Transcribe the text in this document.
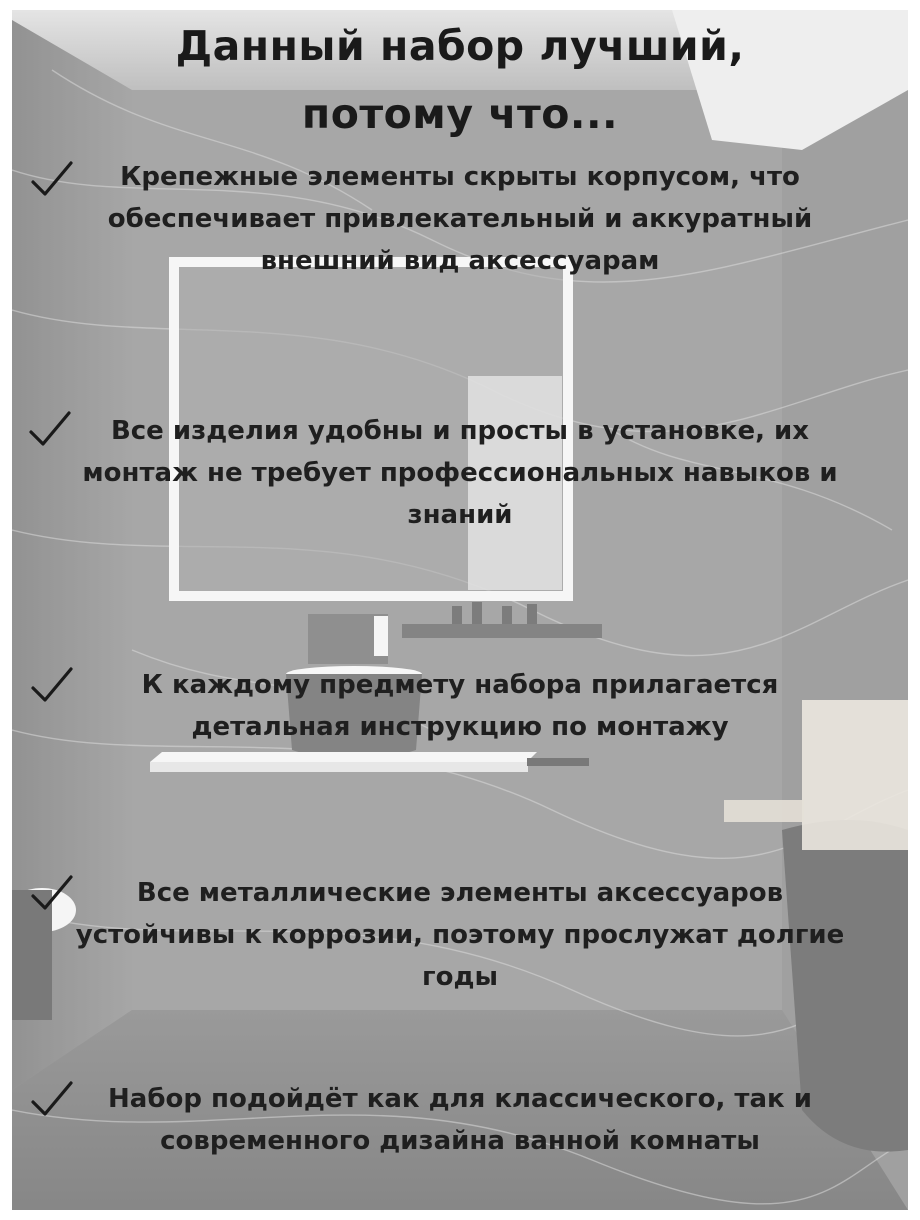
Данный набор лучший,
потому что...
Крепежные элементы скрыты корпусом, что
обеспечивает привлекательный и аккуратный
внешний вид аксессуарам
Все изделия удобны и просты в установке, их
монтаж не требует профессиональных навыков и
знаний
К каждому предмету набора прилагается
детальная инструкцию по монтажу
Все металлические элементы аксессуаров
устойчивы к коррозии, поэтому прослужат долгие
годы
Набор подойдёт как для классического, так и
современного дизайна ванной комнаты
